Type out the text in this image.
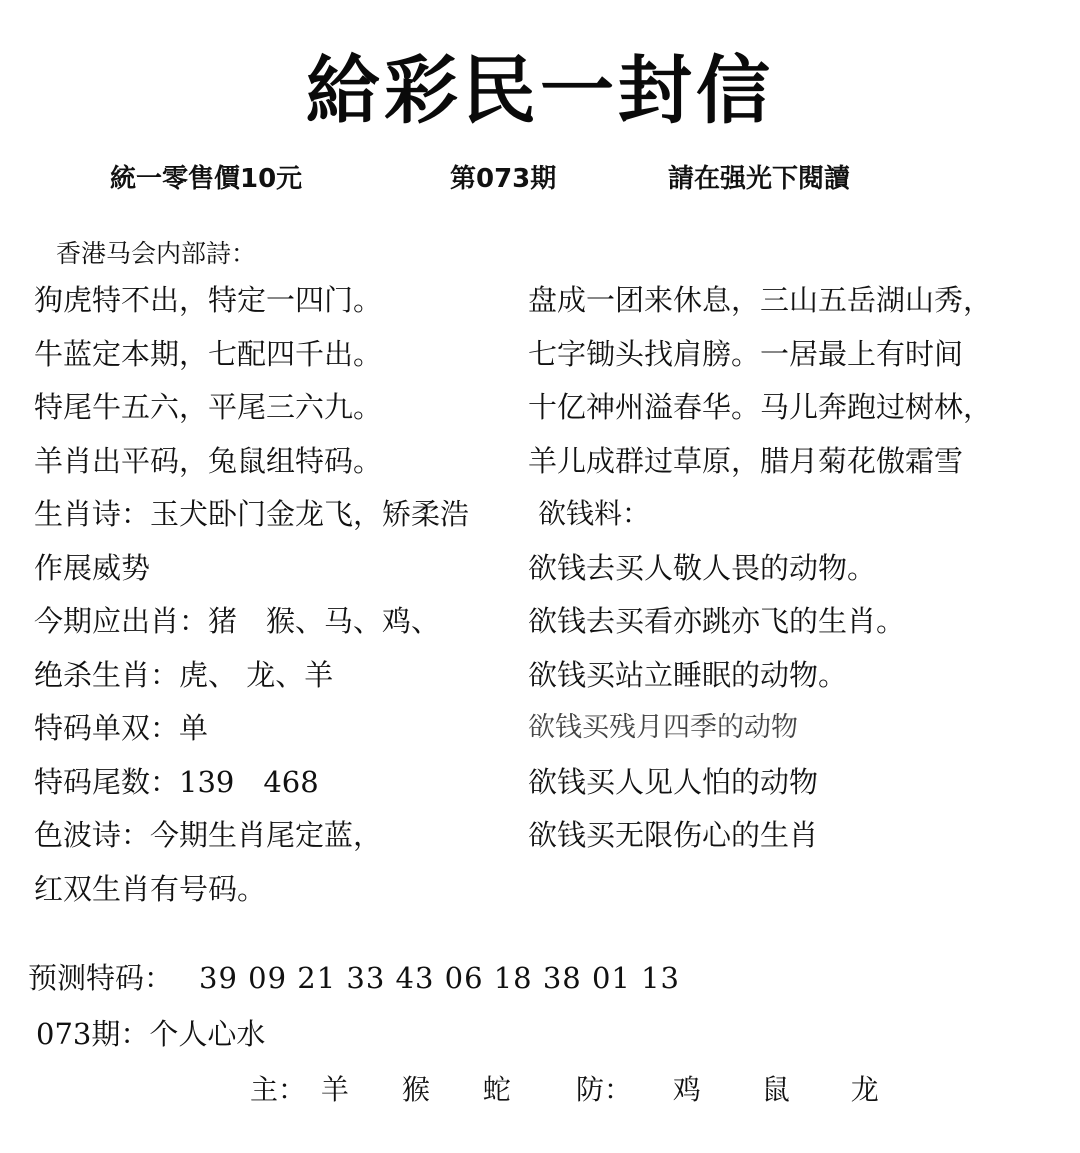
給彩民一封信
統一零售價10元	第073期	請在强光下閱讀
香港马会内部詩：
狗虎特不出，特定一四门。
牛蓝定本期，七配四千出。
特尾牛五六，平尾三六九。
羊肖出平码，兔鼠组特码。
生肖诗：玉犬卧门金龙飞，矫柔浩
作展威势
今期应出肖：猪　猴、马、鸡、
绝杀生肖：虎、 龙、羊
特码单双：单
特码尾数：139　468
色波诗：今期生肖尾定蓝，
红双生肖有号码。
盘成一团来休息，三山五岳湖山秀，
七字锄头找肩膀。一居最上有时间
十亿神州溢春华。马儿奔跑过树林，
羊儿成群过草原，腊月菊花傲霜雪
欲钱料：
欲钱去买人敬人畏的动物。
欲钱去买看亦跳亦飞的生肖。
欲钱买站立睡眠的动物。
欲钱买残月四季的动物
欲钱买人见人怕的动物
欲钱买无限伤心的生肖
预测特码： 39 09 21 33 43 06 18 38 01 13
073期：个人心水
主： 羊 猴 蛇	防： 鸡 鼠 龙
